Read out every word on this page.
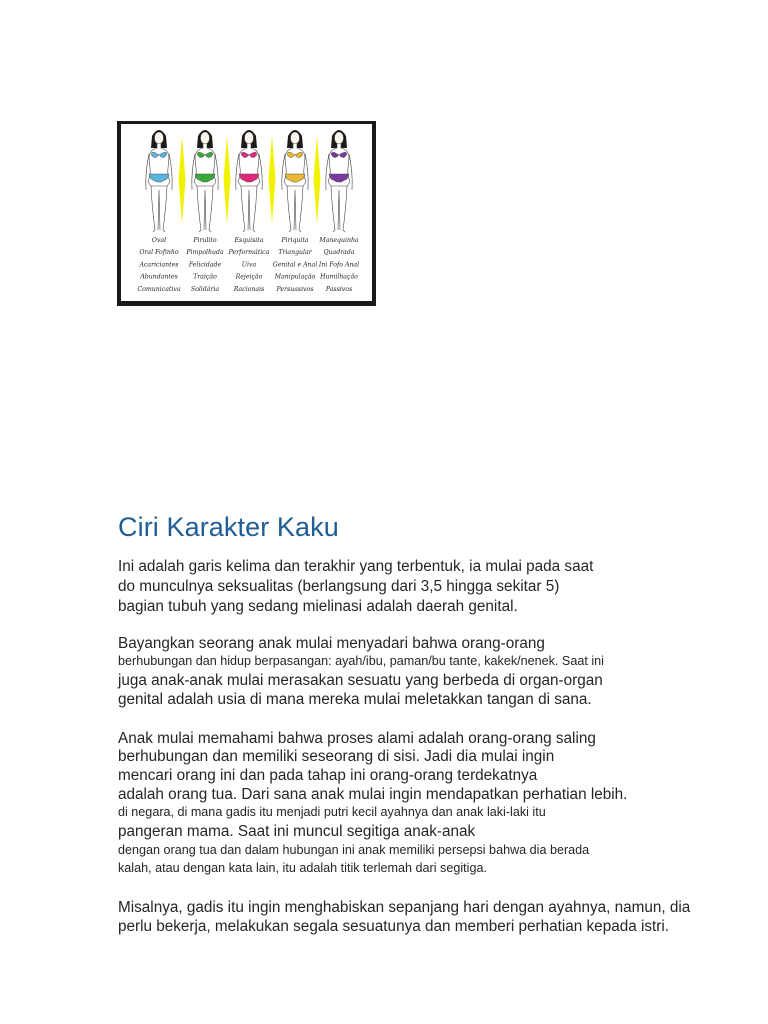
Oval
Oral Fofinho
Acariciantes
Abundantes
Comunicativa
Pirulito
Pimpolhuda
Felicidade
Traição
Solidária
Esquisita
Performática
Uiva
Rejeição
Racionais
Piriquita
Triangular
Genital e Anal
Manipulação
Persuasivos
Manequinha
Quadrada
Ini Fofo Anal
Humilhação
Passivos
Ciri Karakter Kaku

Ini adalah garis kelima dan terakhir yang terbentuk, ia mulai pada saat

do munculnya seksualitas (berlangsung dari 3,5 hingga sekitar 5)

bagian tubuh yang sedang mielinasi adalah daerah genital.

Bayangkan seorang anak mulai menyadari bahwa orang-orang

berhubungan dan hidup berpasangan: ayah/ibu, paman/bu tante, kakek/nenek. Saat ini

juga anak-anak mulai merasakan sesuatu yang berbeda di organ-organ

genital adalah usia di mana mereka mulai meletakkan tangan di sana.

Anak mulai memahami bahwa proses alami adalah orang-orang saling

berhubungan dan memiliki seseorang di sisi. Jadi dia mulai ingin

mencari orang ini dan pada tahap ini orang-orang terdekatnya

adalah orang tua. Dari sana anak mulai ingin mendapatkan perhatian lebih.

di negara, di mana gadis itu menjadi putri kecil ayahnya dan anak laki-laki itu

pangeran mama. Saat ini muncul segitiga anak-anak

dengan orang tua dan dalam hubungan ini anak memiliki persepsi bahwa dia berada

kalah, atau dengan kata lain, itu adalah titik terlemah dari segitiga.

Misalnya, gadis itu ingin menghabiskan sepanjang hari dengan ayahnya, namun, dia

perlu bekerja, melakukan segala sesuatunya dan memberi perhatian kepada istri.
